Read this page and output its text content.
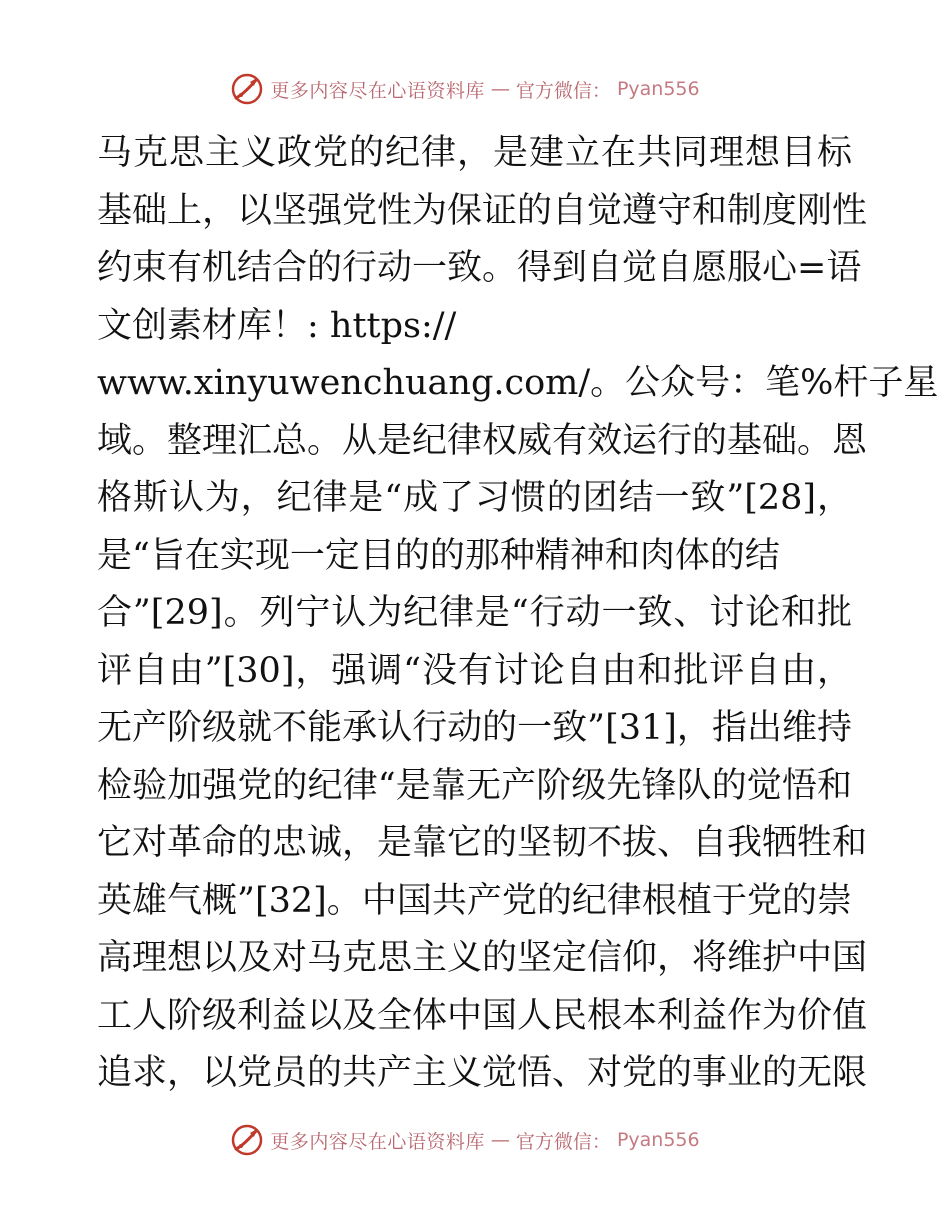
更多内容尽在心语资料库 — 官方微信： Pyan556
马克思主义政党的纪律，是建立在共同理想目标
基础上，以坚强党性为保证的自觉遵守和制度刚性
约束有机结合的行动一致。得到自觉自愿服心=语
文创素材库！: https://
www.xinyuwenchuang.com/。公众号：笔%杆子星
域。整理汇总。从是纪律权威有效运行的基础。恩
格斯认为，纪律是“成了习惯的团结一致”[28]，
是“旨在实现一定目的的那种精神和肉体的结
合”[29]。列宁认为纪律是“行动一致、讨论和批
评自由”[30]，强调“没有讨论自由和批评自由，
无产阶级就不能承认行动的一致”[31]，指出维持
检验加强党的纪律“是靠无产阶级先锋队的觉悟和
它对革命的忠诚，是靠它的坚韧不拔、自我牺牲和
英雄气概”[32]。中国共产党的纪律根植于党的崇
高理想以及对马克思主义的坚定信仰，将维护中国
工人阶级利益以及全体中国人民根本利益作为价值
追求，以党员的共产主义觉悟、对党的事业的无限
更多内容尽在心语资料库 — 官方微信： Pyan556
